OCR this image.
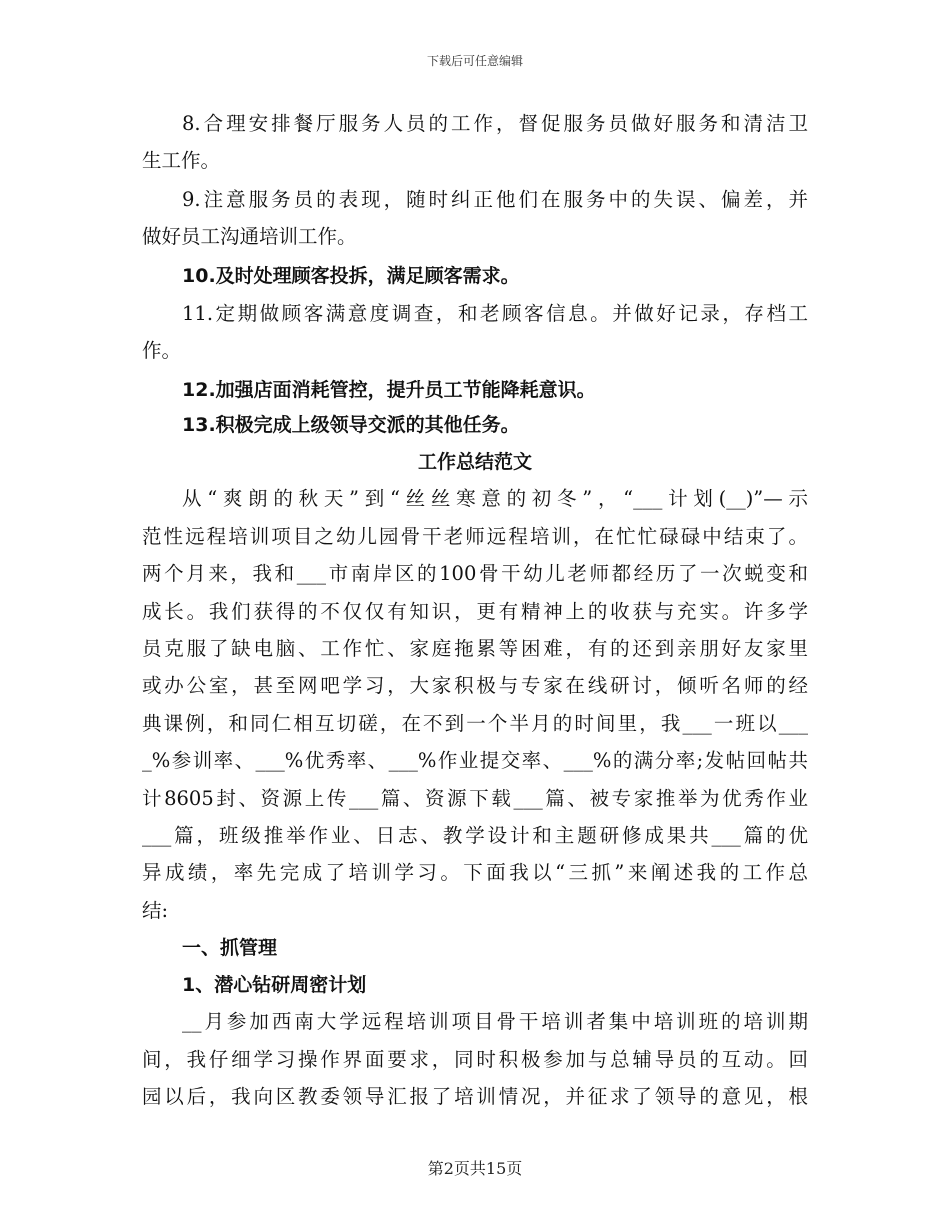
下载后可任意编辑
8.合理安排餐厅服务人员的工作，督促服务员做好服务和清洁卫
生工作。
9.注意服务员的表现，随时纠正他们在服务中的失误、偏差，并
做好员工沟通培训工作。
10.及时处理顾客投拆，满足顾客需求。
11.定期做顾客满意度调查，和老顾客信息。并做好记录，存档工
作。
12.加强店面消耗管控，提升员工节能降耗意识。
13.积极完成上级领导交派的其他任务。
工作总结范文
从“爽朗的秋天”到“丝丝寒意的初冬”，“___计划(__)”—示
范性远程培训项目之幼儿园骨干老师远程培训，在忙忙碌碌中结束了。
两个月来，我和___市南岸区的100骨干幼儿老师都经历了一次蜕变和
成长。我们获得的不仅仅有知识，更有精神上的收获与充实。许多学
员克服了缺电脑、工作忙、家庭拖累等困难，有的还到亲朋好友家里
或办公室，甚至网吧学习，大家积极与专家在线研讨，倾听名师的经
典课例，和同仁相互切磋，在不到一个半月的时间里，我___一班以___
_%参训率、___%优秀率、___%作业提交率、___%的满分率;发帖回帖共
计8605封、资源上传___篇、资源下载___篇、被专家推举为优秀作业
___篇，班级推举作业、日志、教学设计和主题研修成果共___篇的优
异成绩，率先完成了培训学习。下面我以“三抓”来阐述我的工作总
结:
一、抓管理
1、潜心钻研周密计划
__月参加西南大学远程培训项目骨干培训者集中培训班的培训期
间，我仔细学习操作界面要求，同时积极参加与总辅导员的互动。回
园以后，我向区教委领导汇报了培训情况，并征求了领导的意见，根
第2页共15页
